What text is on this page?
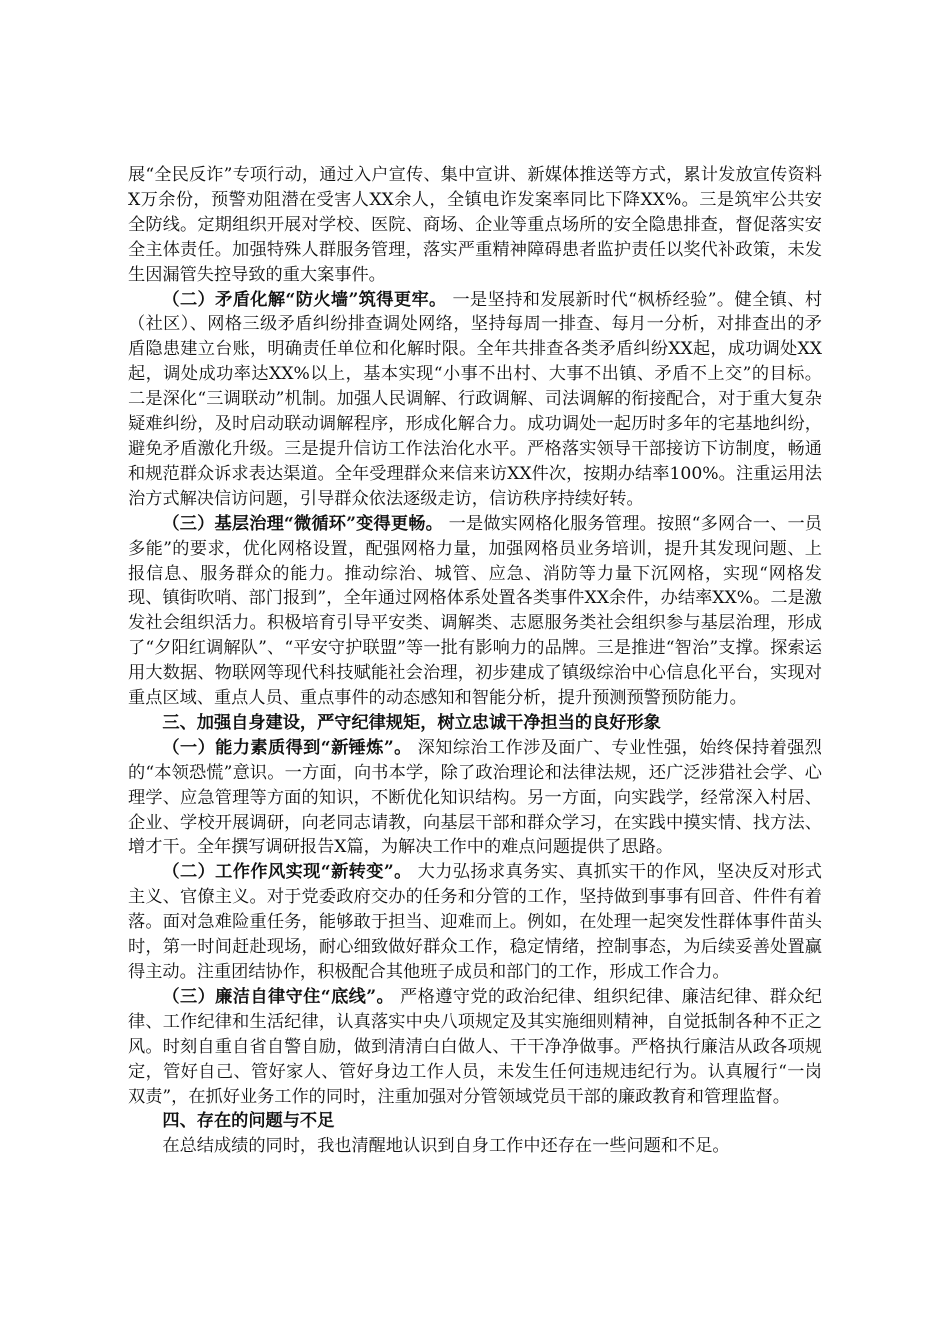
展“全民反诈”专项行动，通过入户宣传、集中宣讲、新媒体推送等方式，累计发放宣传资料X万余份，预警劝阻潜在受害人XX余人，全镇电诈发案率同比下降XX%。三是筑牢公共安全防线。定期组织开展对学校、医院、商场、企业等重点场所的安全隐患排查，督促落实安全主体责任。加强特殊人群服务管理，落实严重精神障碍患者监护责任以奖代补政策，未发生因漏管失控导致的重大案事件。

（二）矛盾化解“防火墙”筑得更牢。 一是坚持和发展新时代“枫桥经验”。健全镇、村（社区）、网格三级矛盾纠纷排查调处网络，坚持每周一排查、每月一分析，对排查出的矛盾隐患建立台账，明确责任单位和化解时限。全年共排查各类矛盾纠纷XX起，成功调处XX起，调处成功率达XX%以上，基本实现“小事不出村、大事不出镇、矛盾不上交”的目标。二是深化“三调联动”机制。加强人民调解、行政调解、司法调解的衔接配合，对于重大复杂疑难纠纷，及时启动联动调解程序，形成化解合力。成功调处一起历时多年的宅基地纠纷，避免矛盾激化升级。三是提升信访工作法治化水平。严格落实领导干部接访下访制度，畅通和规范群众诉求表达渠道。全年受理群众来信来访XX件次，按期办结率100%。注重运用法治方式解决信访问题，引导群众依法逐级走访，信访秩序持续好转。

（三）基层治理“微循环”变得更畅。 一是做实网格化服务管理。按照“多网合一、一员多能”的要求，优化网格设置，配强网格力量，加强网格员业务培训，提升其发现问题、上报信息、服务群众的能力。推动综治、城管、应急、消防等力量下沉网格，实现“网格发现、镇街吹哨、部门报到”，全年通过网格体系处置各类事件XX余件，办结率XX%。二是激发社会组织活力。积极培育引导平安类、调解类、志愿服务类社会组织参与基层治理，形成了“夕阳红调解队”、“平安守护联盟”等一批有影响力的品牌。三是推进“智治”支撑。探索运用大数据、物联网等现代科技赋能社会治理，初步建成了镇级综治中心信息化平台，实现对重点区域、重点人员、重点事件的动态感知和智能分析，提升预测预警预防能力。

三、加强自身建设，严守纪律规矩，树立忠诚干净担当的良好形象

（一）能力素质得到“新锤炼”。 深知综治工作涉及面广、专业性强，始终保持着强烈的“本领恐慌”意识。一方面，向书本学，除了政治理论和法律法规，还广泛涉猎社会学、心理学、应急管理等方面的知识，不断优化知识结构。另一方面，向实践学，经常深入村居、企业、学校开展调研，向老同志请教，向基层干部和群众学习，在实践中摸实情、找方法、增才干。全年撰写调研报告X篇，为解决工作中的难点问题提供了思路。

（二）工作作风实现“新转变”。 大力弘扬求真务实、真抓实干的作风，坚决反对形式主义、官僚主义。对于党委政府交办的任务和分管的工作，坚持做到事事有回音、件件有着落。面对急难险重任务，能够敢于担当、迎难而上。例如，在处理一起突发性群体事件苗头时，第一时间赶赴现场，耐心细致做好群众工作，稳定情绪，控制事态，为后续妥善处置赢得主动。注重团结协作，积极配合其他班子成员和部门的工作，形成工作合力。

（三）廉洁自律守住“底线”。 严格遵守党的政治纪律、组织纪律、廉洁纪律、群众纪律、工作纪律和生活纪律，认真落实中央八项规定及其实施细则精神，自觉抵制各种不正之风。时刻自重自省自警自励，做到清清白白做人、干干净净做事。严格执行廉洁从政各项规定，管好自己、管好家人、管好身边工作人员，未发生任何违规违纪行为。认真履行“一岗双责”，在抓好业务工作的同时，注重加强对分管领域党员干部的廉政教育和管理监督。

四、存在的问题与不足

在总结成绩的同时，我也清醒地认识到自身工作中还存在一些问题和不足。
